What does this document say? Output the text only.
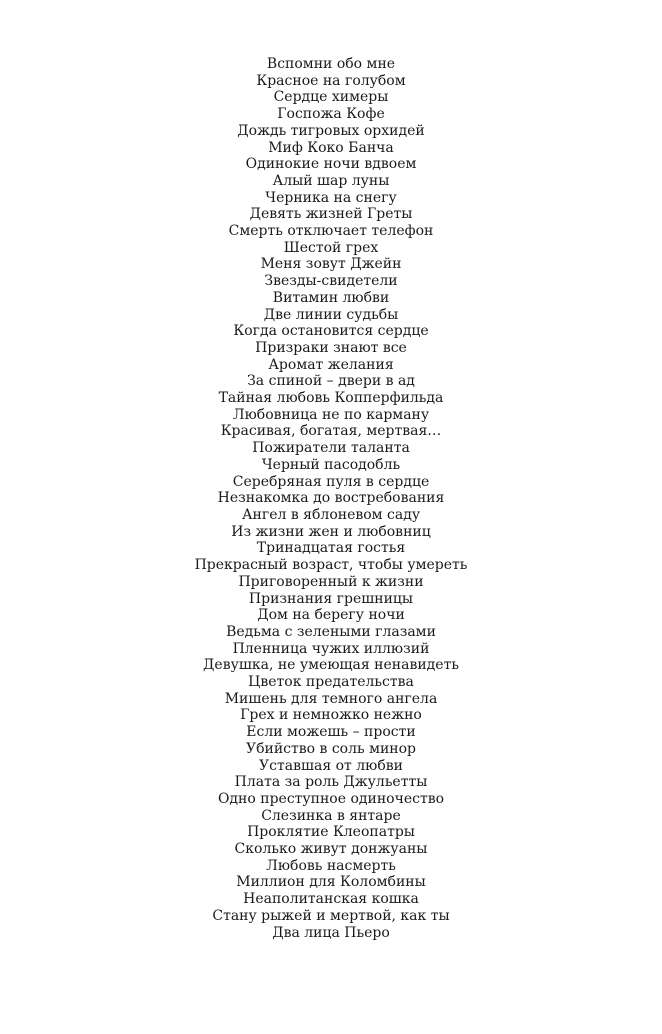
Вспомни обо мне
Красное на голубом
Сердце химеры
Госпожа Кофе
Дождь тигровых орхидей
Миф Коко Банча
Одинокие ночи вдвоем
Алый шар луны
Черника на снегу
Девять жизней Греты
Смерть отключает телефон
Шестой грех
Меня зовут Джейн
Звезды-свидетели
Витамин любви
Две линии судьбы
Когда остановится сердце
Призраки знают все
Аромат желания
За спиной – двери в ад
Тайная любовь Копперфильда
Любовница не по карману
Красивая, богатая, мертвая…
Пожиратели таланта
Черный пасодобль
Серебряная пуля в сердце
Незнакомка до востребования
Ангел в яблоневом саду
Из жизни жен и любовниц
Тринадцатая гостья
Прекрасный возраст, чтобы умереть
Приговоренный к жизни
Признания грешницы
Дом на берегу ночи
Ведьма с зелеными глазами
Пленница чужих иллюзий
Девушка, не умеющая ненавидеть
Цветок предательства
Мишень для темного ангела
Грех и немножко нежно
Если можешь – прости
Убийство в соль минор
Уставшая от любви
Плата за роль Джульетты
Одно преступное одиночество
Слезинка в янтаре
Проклятие Клеопатры
Сколько живут донжуаны
Любовь насмерть
Миллион для Коломбины
Неаполитанская кошка
Стану рыжей и мертвой, как ты
Два лица Пьеро
